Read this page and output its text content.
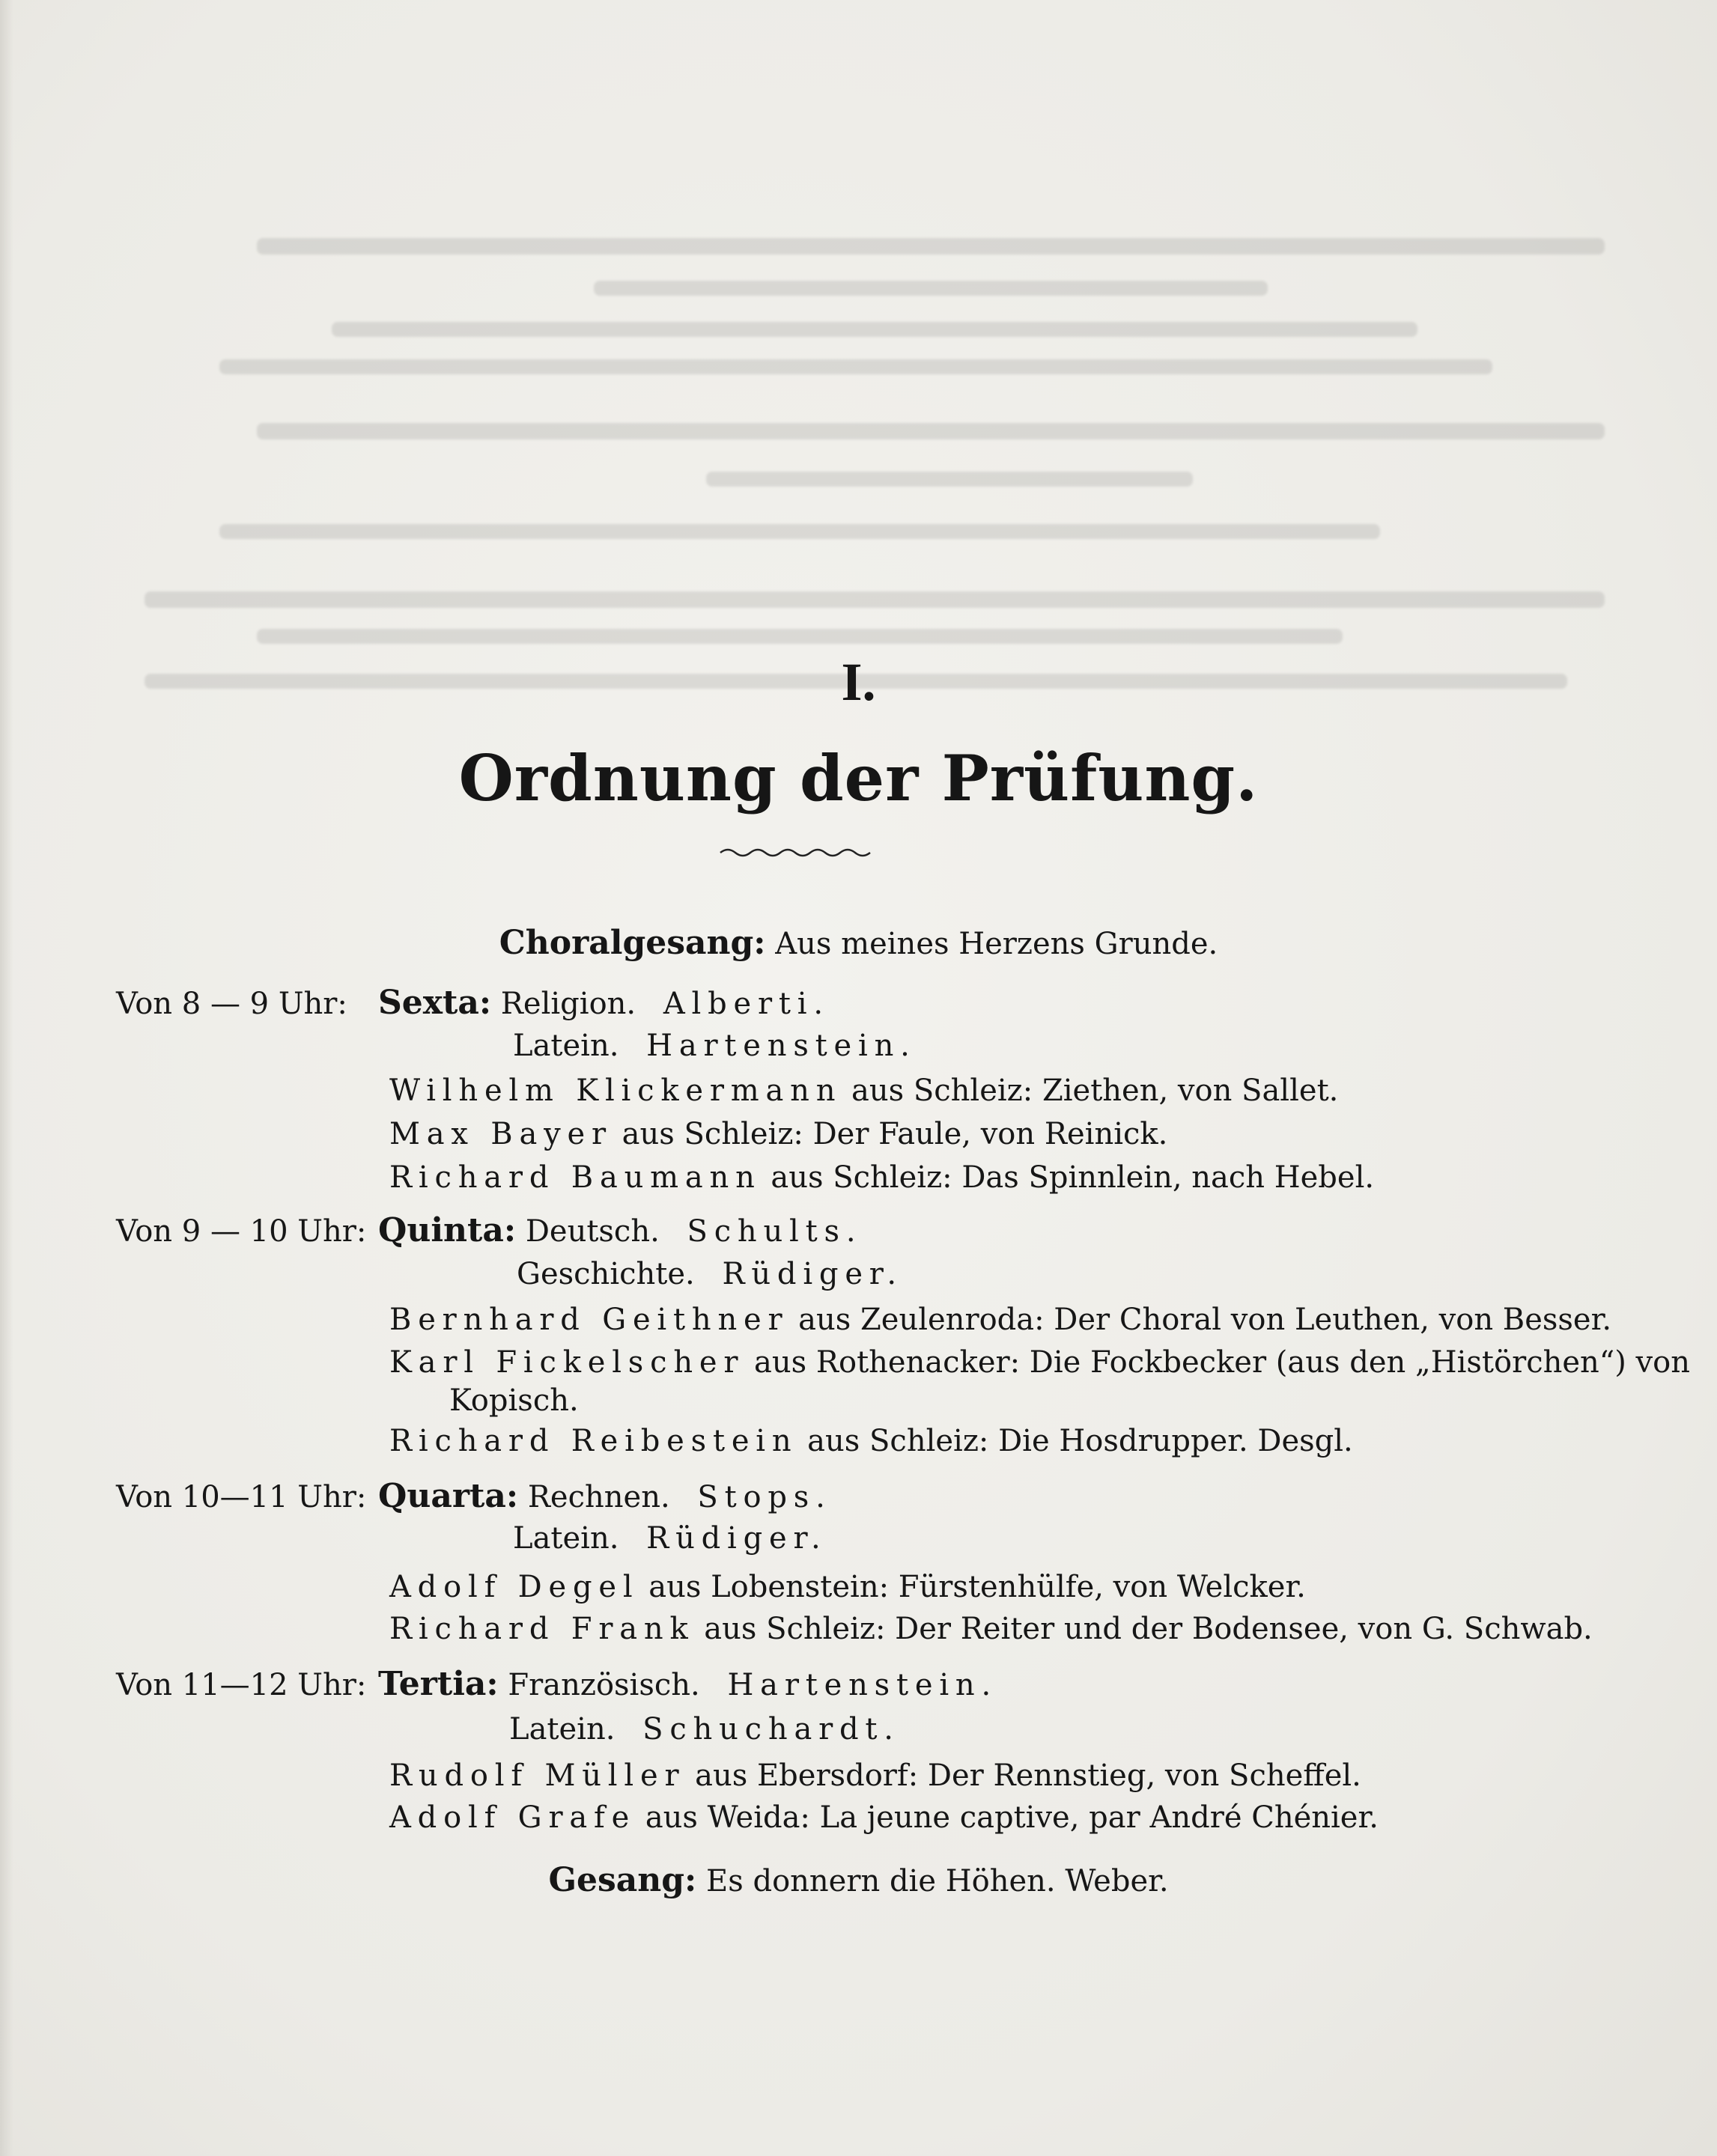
I.
Ordnung der Prüfung.
Choralgesang: Aus meines Herzens Grunde.
Von 8 — 9 Uhr: Sexta: Religion. Alberti.
Latein. Hartenstein.
Wilhelm Klickermann aus Schleiz: Ziethen, von Sallet.
Max Bayer aus Schleiz: Der Faule, von Reinick.
Richard Baumann aus Schleiz: Das Spinnlein, nach Hebel.
Von 9 — 10 Uhr: Quinta: Deutsch. Schults.
Geschichte. Rüdiger.
Bernhard Geithner aus Zeulenroda: Der Choral von Leuthen, von Besser.
Karl Fickelscher aus Rothenacker: Die Fockbecker (aus den „Histörchen“) von
Kopisch.
Richard Reibestein aus Schleiz: Die Hosdrupper. Desgl.
Von 10—11 Uhr: Quarta: Rechnen. Stops.
Latein. Rüdiger.
Adolf Degel aus Lobenstein: Fürstenhülfe, von Welcker.
Richard Frank aus Schleiz: Der Reiter und der Bodensee, von G. Schwab.
Von 11—12 Uhr: Tertia: Französisch. Hartenstein.
Latein. Schuchardt.
Rudolf Müller aus Ebersdorf: Der Rennstieg, von Scheffel.
Adolf Grafe aus Weida: La jeune captive, par André Chénier.
Gesang: Es donnern die Höhen. Weber.
